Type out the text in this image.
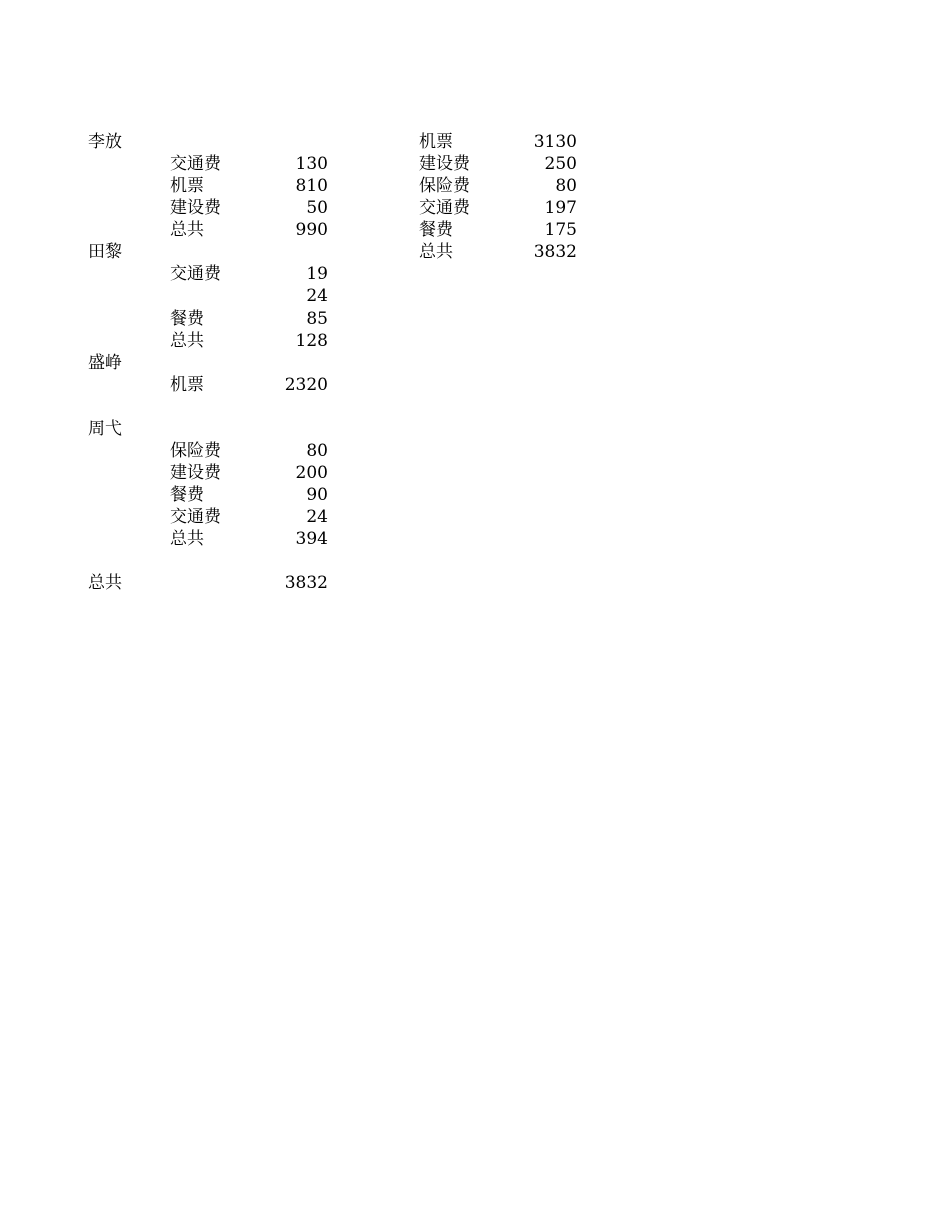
李放
交通费	130
机票	810
建设费	50
总共	990
田黎
交通费	19
24
餐费	85
总共	128
盛峥
机票	2320
周弋
保险费	80
建设费	200
餐费	90
交通费	24
总共	394
总共	3832
机票	3130
建设费	250
保险费	80
交通费	197
餐费	175
总共	3832
